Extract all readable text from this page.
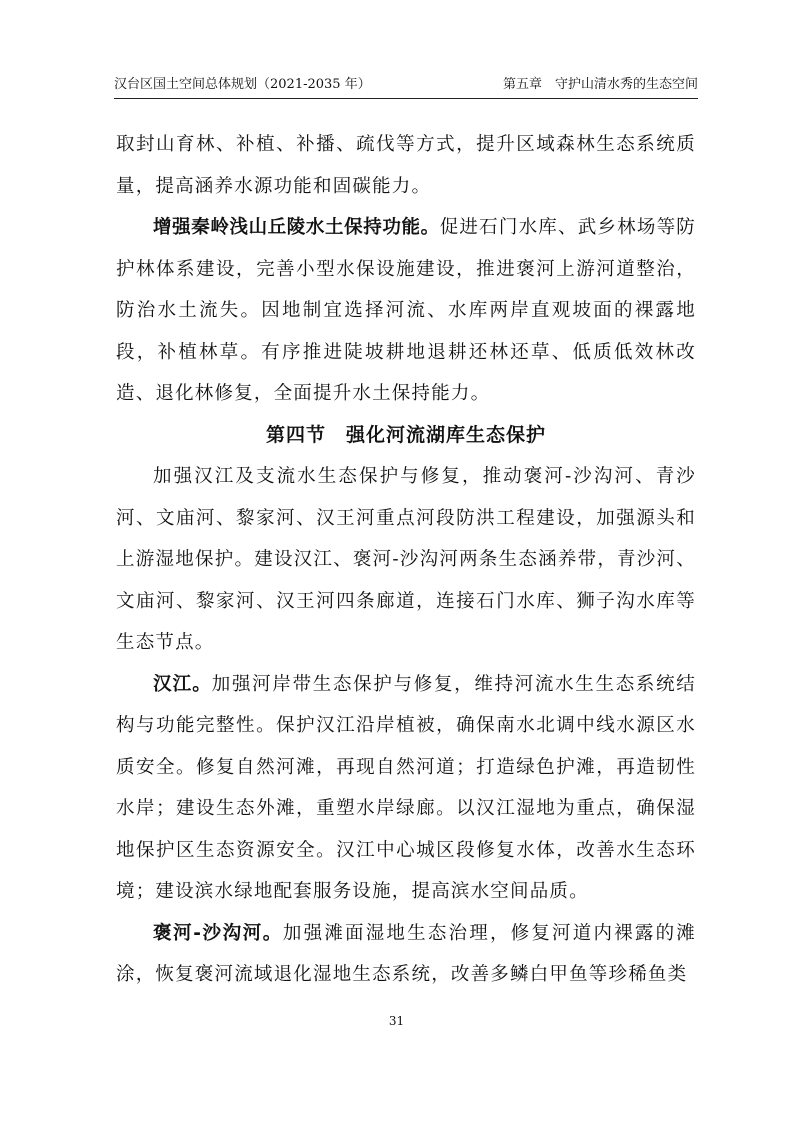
汉台区国土空间总体规划（2021-2035 年）	第五章　守护山清水秀的生态空间

取封山育林、补植、补播、疏伐等方式，提升区域森林生态系统质量，提高涵养水源功能和固碳能力。

增强秦岭浅山丘陵水土保持功能。促进石门水库、武乡林场等防护林体系建设，完善小型水保设施建设，推进褒河上游河道整治，防治水土流失。因地制宜选择河流、水库两岸直观坡面的裸露地段，补植林草。有序推进陡坡耕地退耕还林还草、低质低效林改造、退化林修复，全面提升水土保持能力。

第四节　强化河流湖库生态保护

加强汉江及支流水生态保护与修复，推动褒河-沙沟河、青沙河、文庙河、黎家河、汉王河重点河段防洪工程建设，加强源头和上游湿地保护。建设汉江、褒河-沙沟河两条生态涵养带，青沙河、文庙河、黎家河、汉王河四条廊道，连接石门水库、狮子沟水库等生态节点。

汉江。加强河岸带生态保护与修复，维持河流水生生态系统结构与功能完整性。保护汉江沿岸植被，确保南水北调中线水源区水质安全。修复自然河滩，再现自然河道；打造绿色护滩，再造韧性水岸；建设生态外滩，重塑水岸绿廊。以汉江湿地为重点，确保湿地保护区生态资源安全。汉江中心城区段修复水体，改善水生态环境；建设滨水绿地配套服务设施，提高滨水空间品质。

褒河-沙沟河。加强滩面湿地生态治理，修复河道内裸露的滩涂，恢复褒河流域退化湿地生态系统，改善多鳞白甲鱼等珍稀鱼类

31
